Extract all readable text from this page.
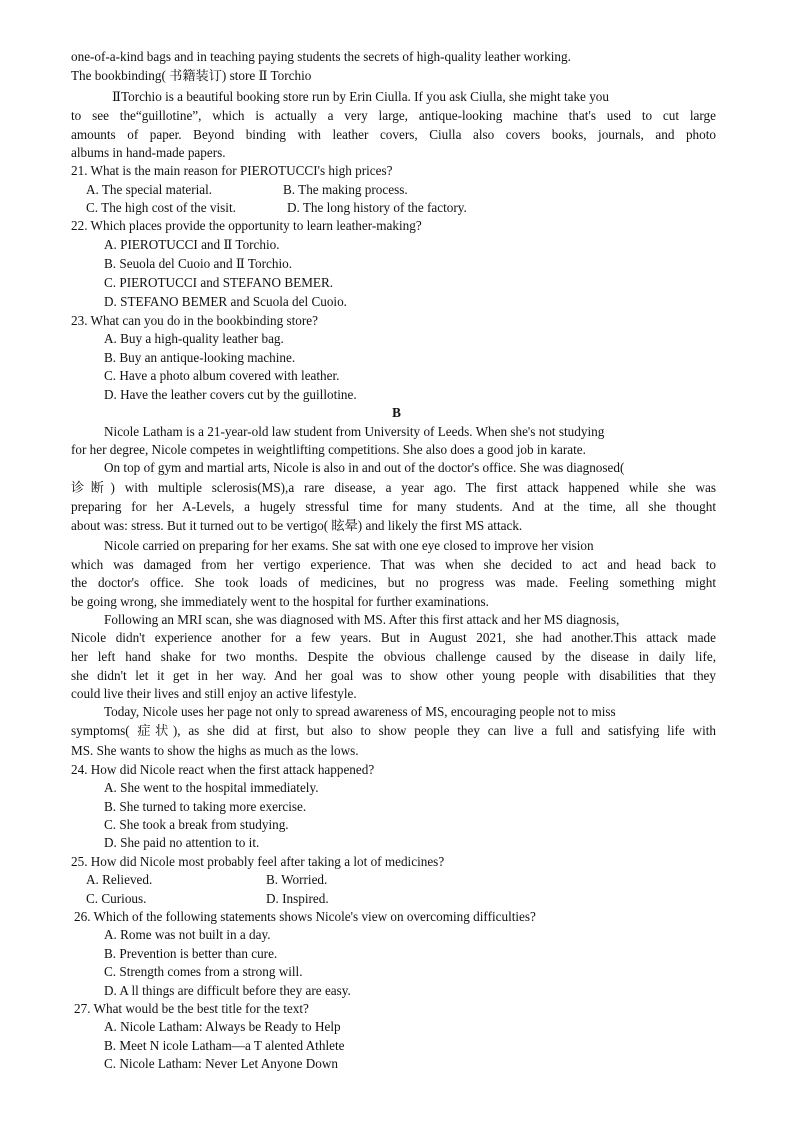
one-of-a-kind bags and in teaching paying students the secrets of high-quality leather working.
The bookbinding( 书籍装订) store Ⅱ Torchio
ⅡTorchio is a beautiful booking store run by Erin Ciulla. If you ask Ciulla, she might take you
to see the“guillotine”, which is actually a very large, antique-looking machine that's used to cut large
amounts of paper. Beyond binding with leather covers, Ciulla also covers books, journals, and photo
albums in hand-made papers.
21. What is the main reason for PIEROTUCCI's high prices?
A. The special material.	B. The making process.
C. The high cost of the visit.	D. The long history of the factory.
22. Which places provide the opportunity to learn leather-making?
A. PIEROTUCCI and Ⅱ Torchio.
B. Seuola del Cuoio and Ⅱ Torchio.
C. PIEROTUCCI and STEFANO BEMER.
D. STEFANO BEMER and Scuola del Cuoio.
23. What can you do in the bookbinding store?
A. Buy a high-quality leather bag.
B. Buy an antique-looking machine.
C. Have a photo album covered with leather.
D. Have the leather covers cut by the guillotine.
B
Nicole Latham is a 21-year-old law student from University of Leeds. When she's not studying
for her degree, Nicole competes in weightlifting competitions. She also does a good job in karate.
On top of gym and martial arts, Nicole is also in and out of the doctor's office. She was diagnosed(
诊断) with multiple sclerosis(MS),a rare disease, a year ago. The first attack happened while she was
preparing for her A-Levels, a hugely stressful time for many students. And at the time, all she thought
about was: stress. But it turned out to be vertigo( 眩晕) and likely the first MS attack.
Nicole carried on preparing for her exams. She sat with one eye closed to improve her vision
which was damaged from her vertigo experience. That was when she decided to act and head back to
the doctor's office. She took loads of medicines, but no progress was made. Feeling something might
be going wrong, she immediately went to the hospital for further examinations.
Following an MRI scan, she was diagnosed with MS. After this first attack and her MS diagnosis,
Nicole didn't experience another for a few years. But in August 2021, she had another.This attack made
her left hand shake for two months. Despite the obvious challenge caused by the disease in daily life,
she didn't let it get in her way. And her goal was to show other young people with disabilities that they
could live their lives and still enjoy an active lifestyle.
Today, Nicole uses her page not only to spread awareness of MS, encouraging people not to miss
symptoms( 症状), as she did at first, but also to show people they can live a full and satisfying life with
MS. She wants to show the highs as much as the lows.
24. How did Nicole react when the first attack happened?
A. She went to the hospital immediately.
B. She turned to taking more exercise.
C. She took a break from studying.
D. She paid no attention to it.
25. How did Nicole most probably feel after taking a lot of medicines?
A. Relieved.	B. Worried.
C. Curious.	D. Inspired.
26. Which of the following statements shows Nicole's view on overcoming difficulties?
A. Rome was not built in a day.
B. Prevention is better than cure.
C. Strength comes from a strong will.
D. A ll things are difficult before they are easy.
27. What would be the best title for the text?
A. Nicole Latham: Always be Ready to Help
B. Meet N icole Latham—a T alented Athlete
C. Nicole Latham: Never Let Anyone Down
